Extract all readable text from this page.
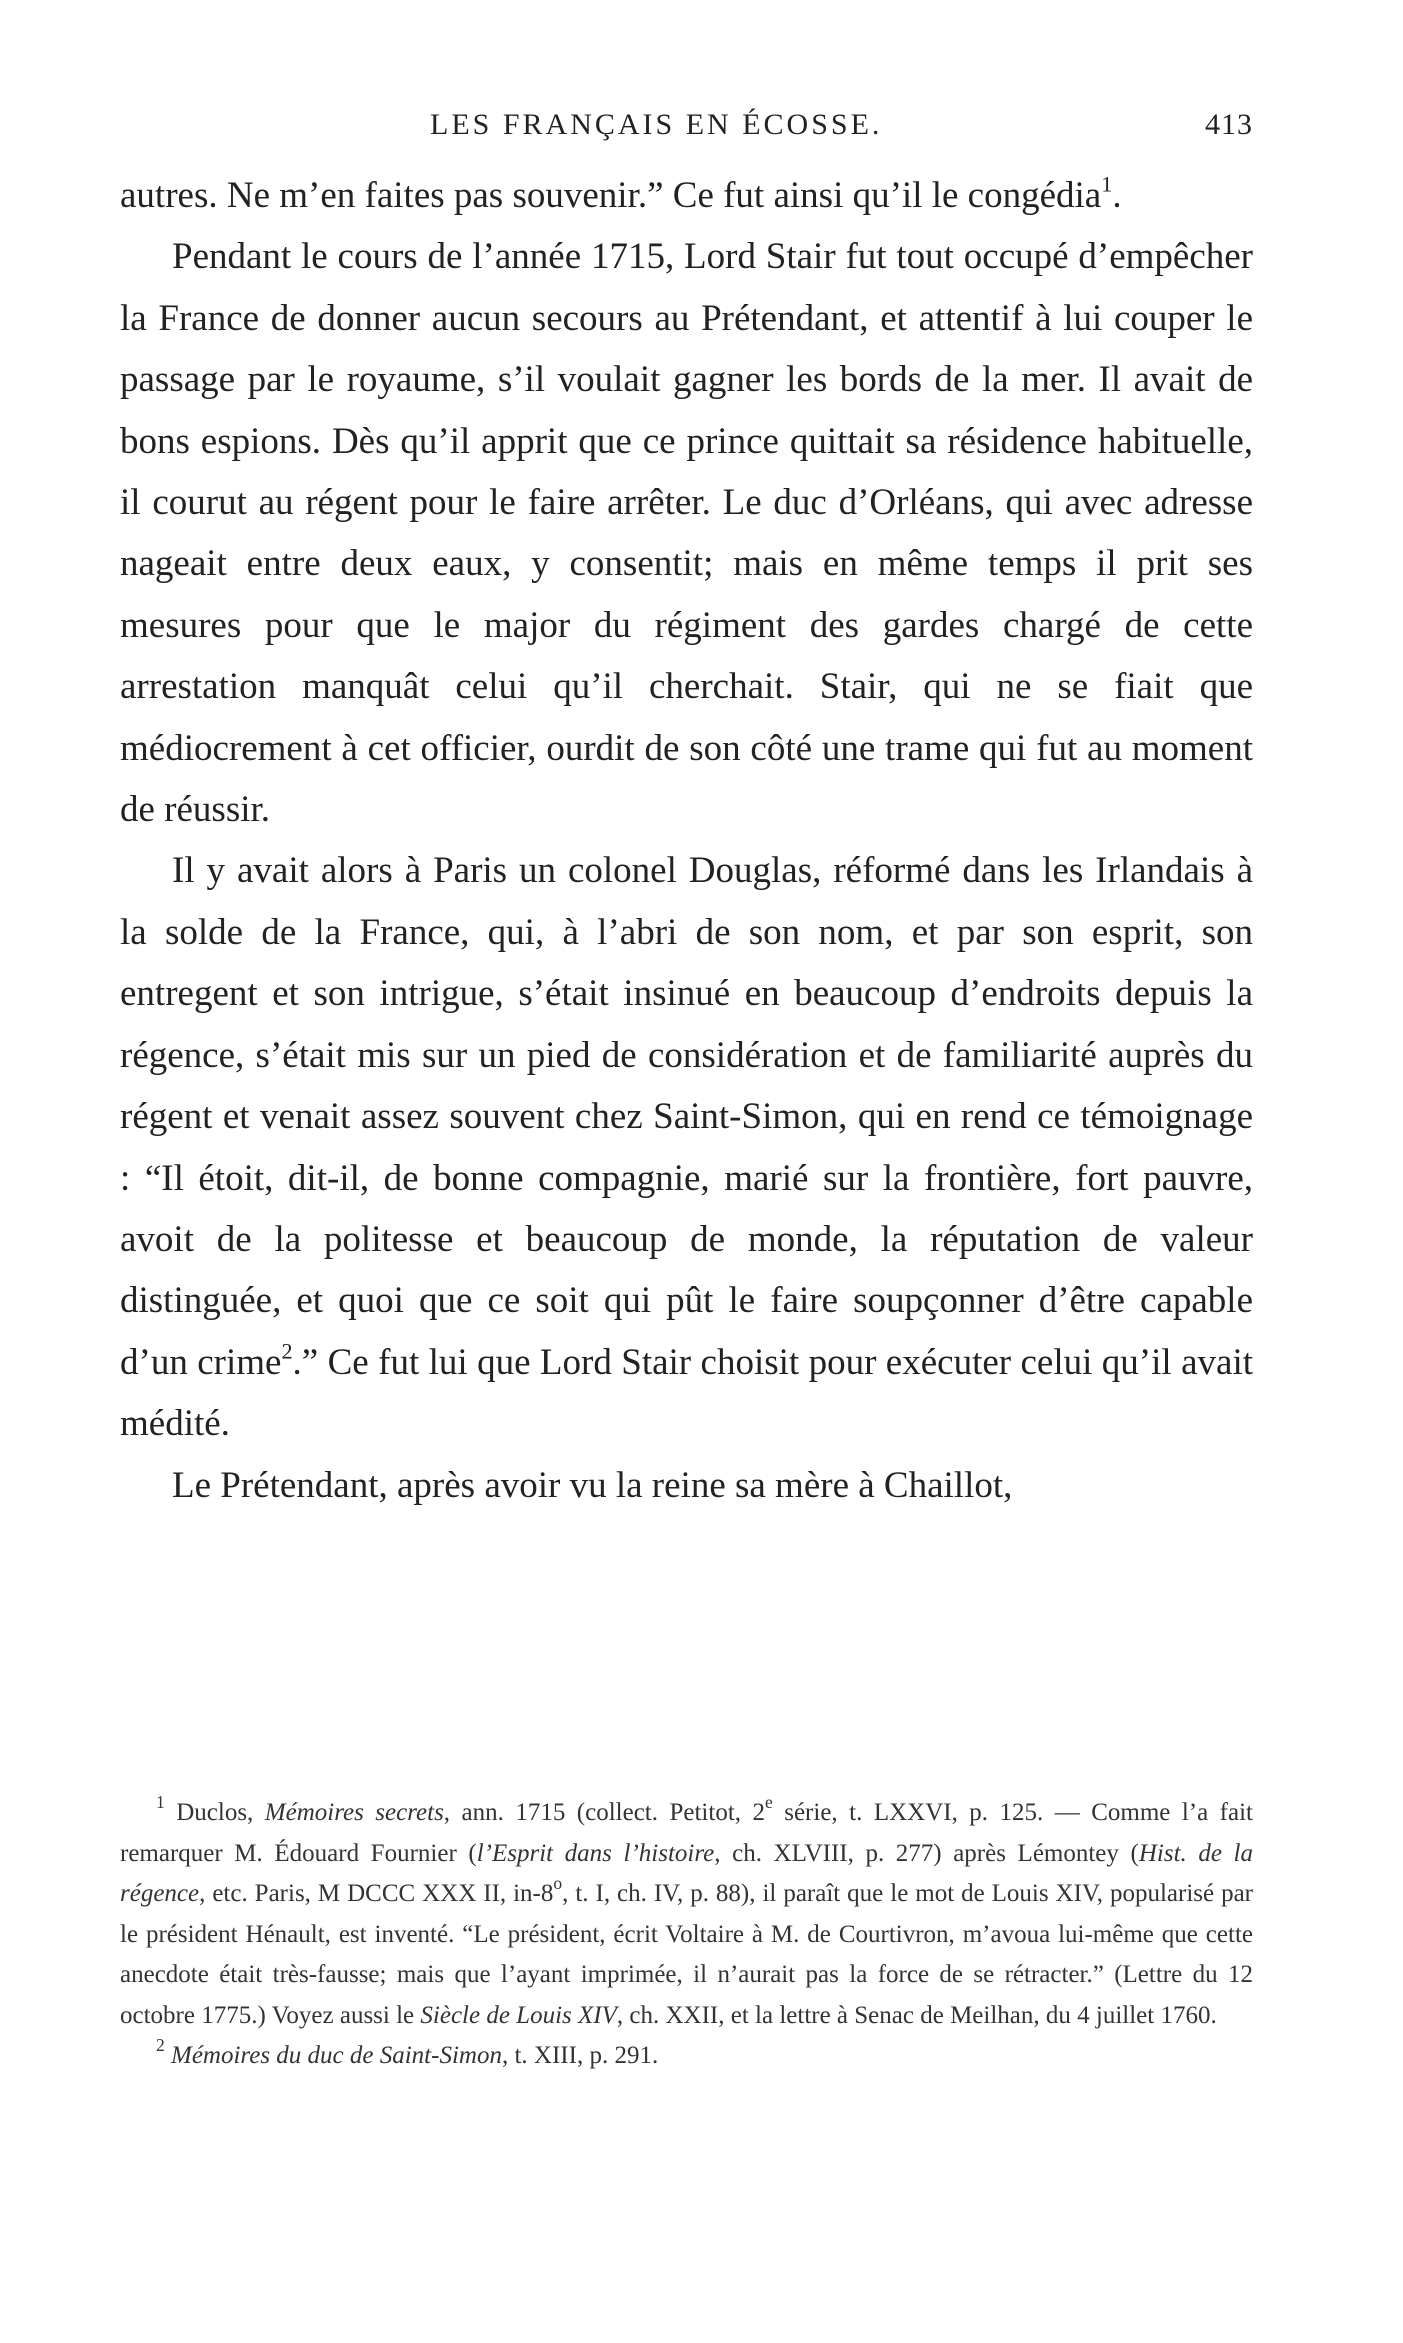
LES FRANÇAIS EN ÉCOSSE.	413

autres. Ne m’en faites pas souvenir.” Ce fut ainsi qu’il le congédia$^1$.

Pendant le cours de l’année 1715, Lord Stair fut tout occupé d’empêcher la France de donner aucun secours au Prétendant, et attentif à lui couper le passage par le royaume, s’il voulait gagner les bords de la mer. Il avait de bons espions. Dès qu’il apprit que ce prince quittait sa résidence habituelle, il courut au régent pour le faire arrêter. Le duc d’Orléans, qui avec adresse nageait entre deux eaux, y consentit; mais en même temps il prit ses mesures pour que le major du régiment des gardes chargé de cette arrestation manquât celui qu’il cherchait. Stair, qui ne se fiait que médiocrement à cet officier, ourdit de son côté une trame qui fut au moment de réussir.

Il y avait alors à Paris un colonel Douglas, réformé dans les Irlandais à la solde de la France, qui, à l’abri de son nom, et par son esprit, son entregent et son intrigue, s’était insinué en beaucoup d’endroits depuis la régence, s’était mis sur un pied de considération et de familiarité auprès du régent et venait assez souvent chez Saint-Simon, qui en rend ce témoignage : “Il étoit, dit-il, de bonne compagnie, marié sur la frontière, fort pauvre, avoit de la politesse et beaucoup de monde, la réputation de valeur distinguée, et quoi que ce soit qui pût le faire soupçonner d’être capable d’un crime$^2$.” Ce fut lui que Lord Stair choisit pour exécuter celui qu’il avait médité.

Le Prétendant, après avoir vu la reine sa mère à Chaillot,

$^1$ Duclos, Mémoires secrets, ann. 1715 (collect. Petitot, 2e série, t. LXXVI, p. 125. — Comme l’a fait remarquer M. Édouard Fournier (l’Esprit dans l’histoire, ch. XLVIII, p. 277) après Lémontey (Hist. de la régence, etc. Paris, M DCCC XXX II, in-8$^o$, t. I, ch. IV, p. 88), il paraît que le mot de Louis XIV, popularisé par le président Hénault, est inventé. “Le président, écrit Voltaire à M. de Courtivron, m’avoua lui-même que cette anecdote était très-fausse; mais que l’ayant imprimée, il n’aurait pas la force de se rétracter.” (Lettre du 12 octobre 1775.) Voyez aussi le Siècle de Louis XIV, ch. XXII, et la lettre à Senac de Meilhan, du 4 juillet 1760.

$^2$ Mémoires du duc de Saint-Simon, t. XIII, p. 291.
